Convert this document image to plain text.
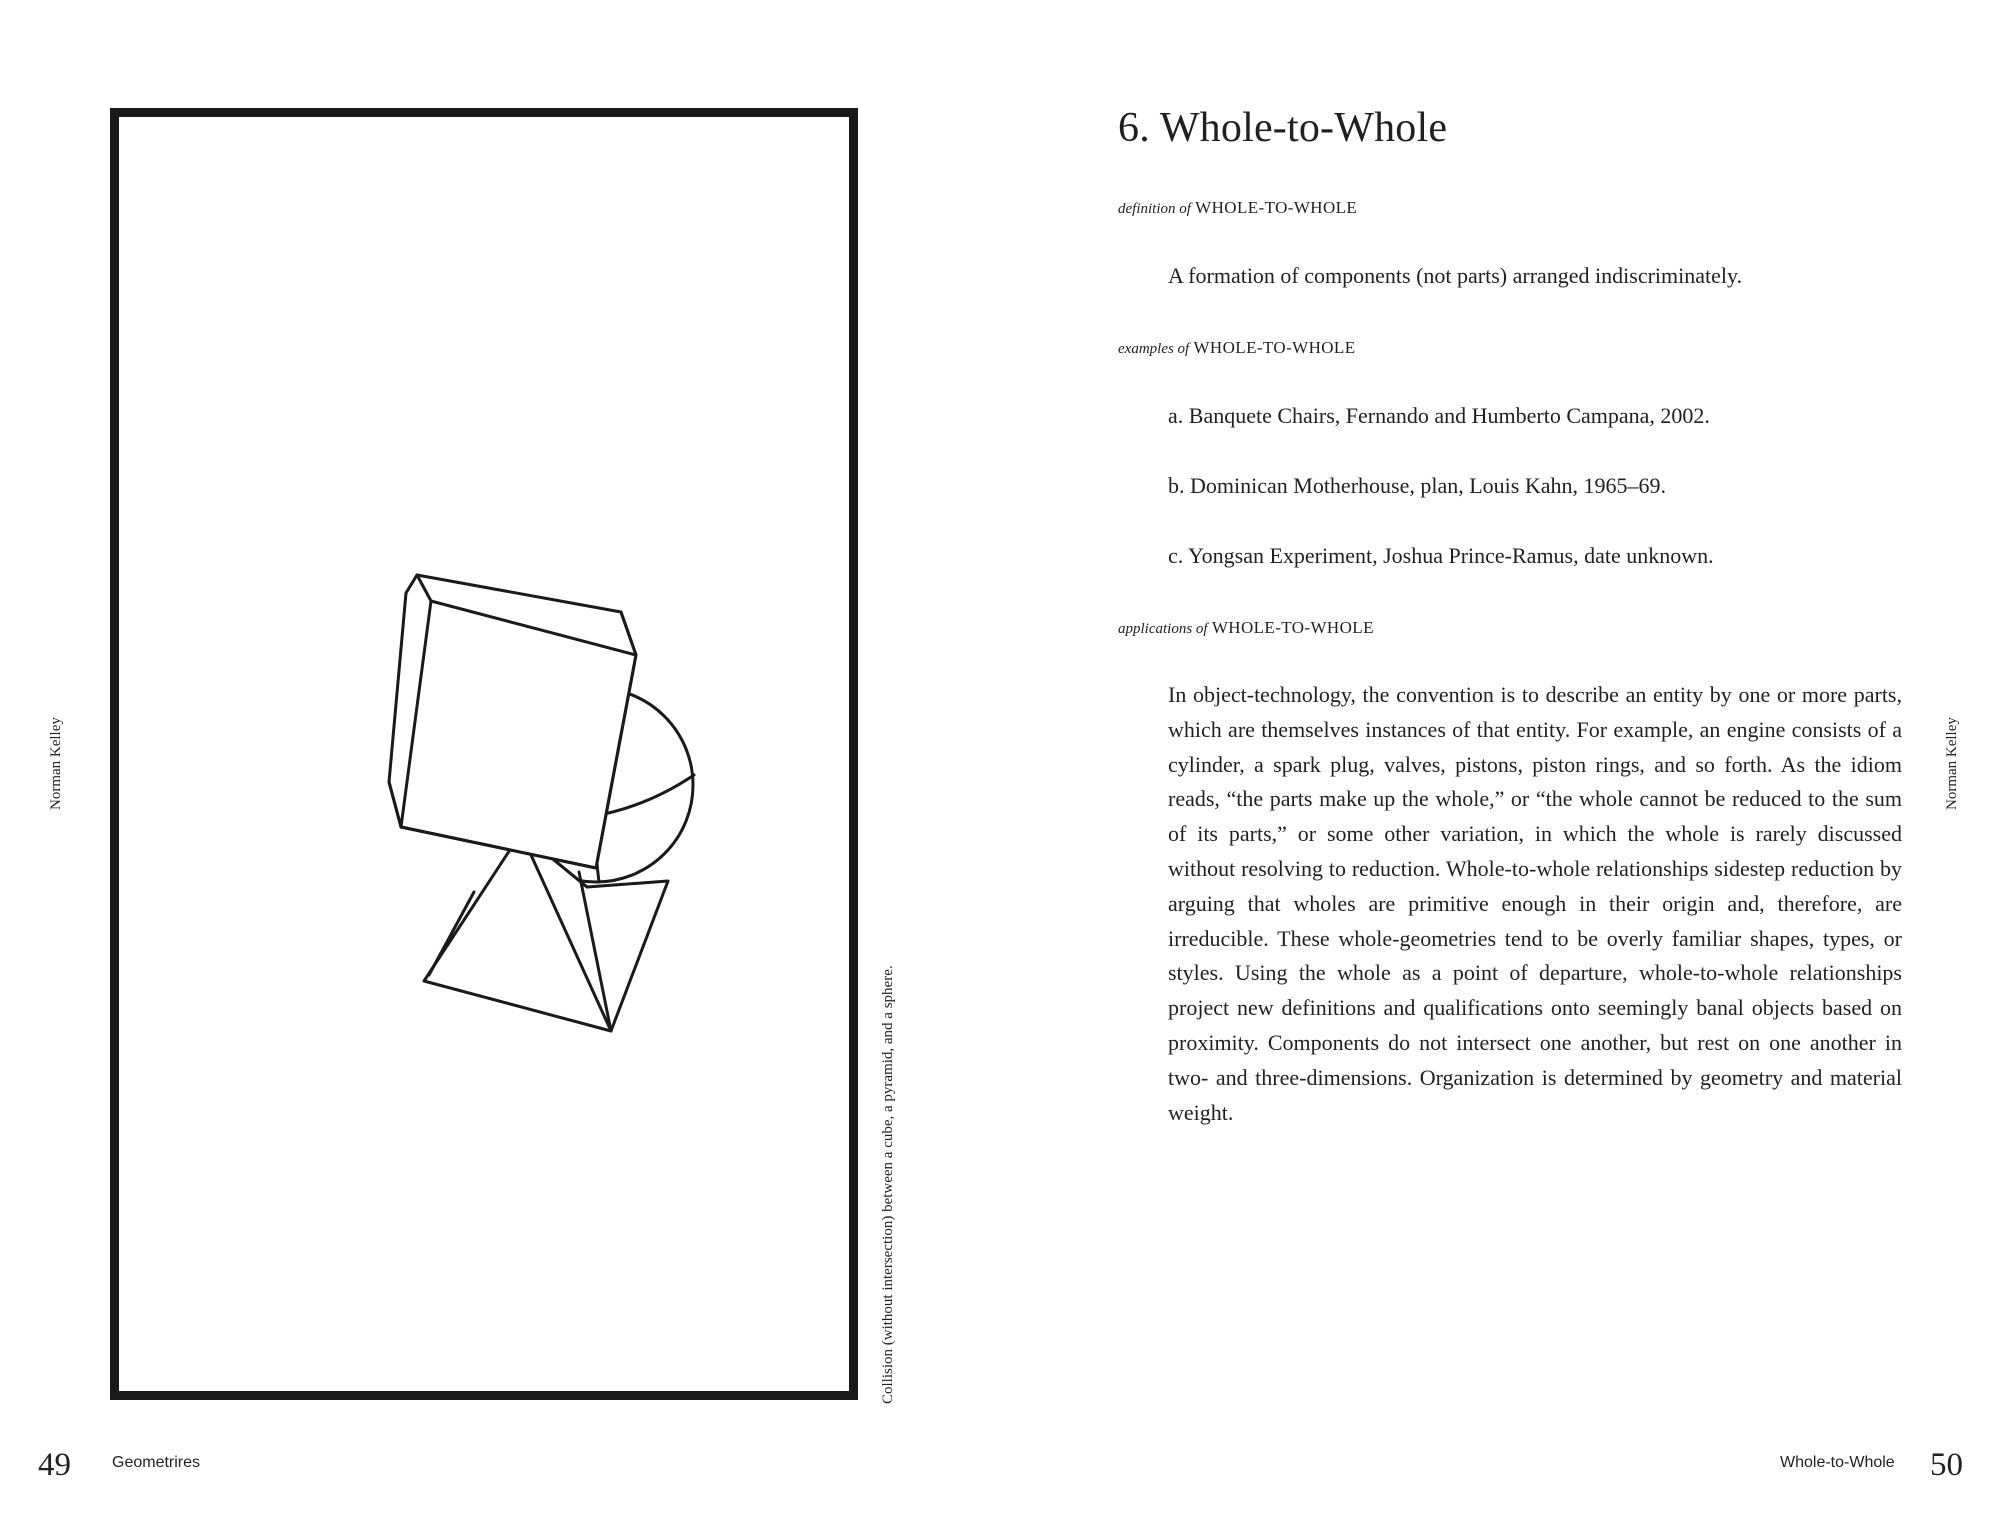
Norman Kelley
Collision (without intersection) between a cube, a pyramid, and a sphere.
49	Geometrires
6. Whole-to-Whole
definition of WHOLE-TO-WHOLE
A formation of components (not parts) arranged indiscriminately.
examples of WHOLE-TO-WHOLE
a. Banquete Chairs, Fernando and Humberto Campana, 2002.
b. Dominican Motherhouse, plan, Louis Kahn, 1965–69.
c. Yongsan Experiment, Joshua Prince-Ramus, date unknown.
applications of WHOLE-TO-WHOLE

In object-technology, the convention is to describe an entity by one or more parts, which are themselves instances of that entity. For example, an engine consists of a cylinder, a spark plug, valves, pistons, piston rings, and so forth. As the idiom reads, “the parts make up the whole,” or “the whole cannot be reduced to the sum of its parts,” or some other variation, in which the whole is rarely discussed without resolving to reduction. Whole-to-whole relationships sidestep reduction by arguing that wholes are primitive enough in their origin and, therefore, are irreducible. These whole-geometries tend to be overly familiar shapes, types, or styles. Using the whole as a point of departure, whole-to-whole relationships project new definitions and qualifications onto seemingly banal objects based on proximity. Components do not intersect one another, but rest on one another in two- and three-dimensions. Organization is determined by geometry and material weight.

Norman Kelley
Whole-to-Whole 50
